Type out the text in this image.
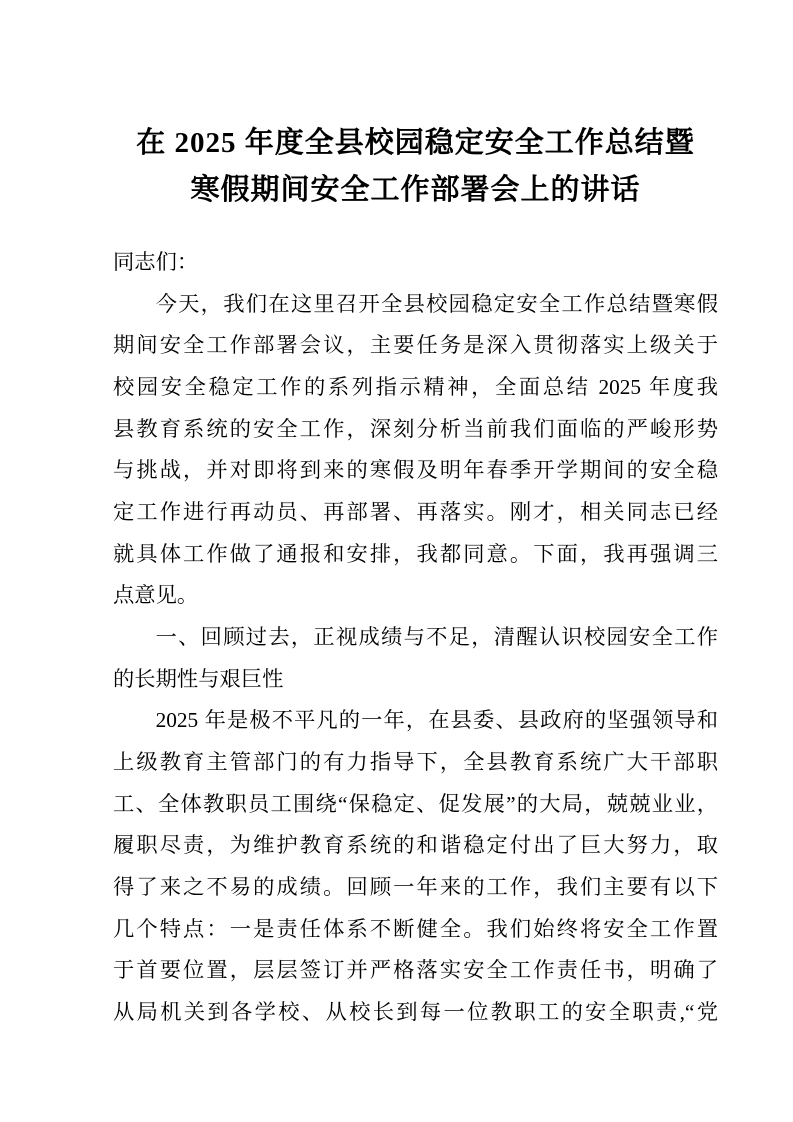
在 2025 年度全县校园稳定安全工作总结暨
寒假期间安全工作部署会上的讲话
同志们：
今天，我们在这里召开全县校园稳定安全工作总结暨寒假
期间安全工作部署会议，主要任务是深入贯彻落实上级关于
校园安全稳定工作的系列指示精神，全面总结 2025 年度我
县教育系统的安全工作，深刻分析当前我们面临的严峻形势
与挑战，并对即将到来的寒假及明年春季开学期间的安全稳
定工作进行再动员、再部署、再落实。刚才，相关同志已经
就具体工作做了通报和安排，我都同意。下面，我再强调三
点意见。
一、回顾过去，正视成绩与不足，清醒认识校园安全工作
的长期性与艰巨性
2025 年是极不平凡的一年，在县委、县政府的坚强领导和
上级教育主管部门的有力指导下，全县教育系统广大干部职
工、全体教职员工围绕“保稳定、促发展”的大局，兢兢业业，
履职尽责，为维护教育系统的和谐稳定付出了巨大努力，取
得了来之不易的成绩。回顾一年来的工作，我们主要有以下
几个特点：一是责任体系不断健全。我们始终将安全工作置
于首要位置，层层签订并严格落实安全工作责任书，明确了
从局机关到各学校、从校长到每一位教职工的安全职责,“党
